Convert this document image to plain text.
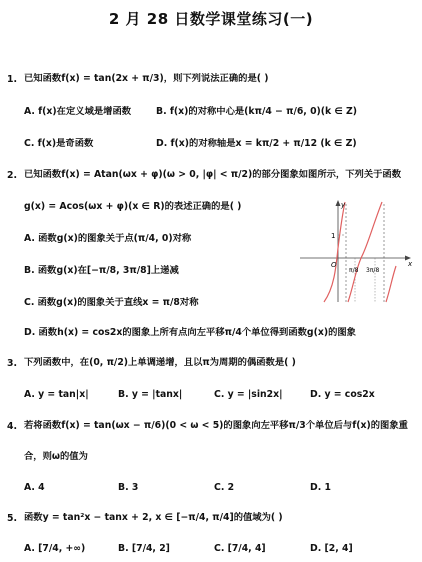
2 月 28 日数学课堂练习(一)
1. 已知函数f(x) = tan(2x + π/3)，则下列说法正确的是( )
A. f(x)在定义域是增函数	B. f(x)的对称中心是(kπ/4 − π/6, 0)(k ∈ Z)
C. f(x)是奇函数	D. f(x)的对称轴是x = kπ/2 + π/12 (k ∈ Z)
2. 已知函数f(x) = Atan(ωx + φ)(ω > 0, |φ| < π/2)的部分图象如图所示，下列关于函数
g(x) = Acos(ωx + φ)(x ∈ R)的表述正确的是( )
A. 函数g(x)的图象关于点(π/4, 0)对称
B. 函数g(x)在[−π/8, 3π/8]上递减
C. 函数g(x)的图象关于直线x = π/8对称
D. 函数h(x) = cos2x的图象上所有点向左平移π/4个单位得到函数g(x)的图象
y
x
O
1
π/8 3π/8
3. 下列函数中，在(0, π/2)上单调递增，且以π为周期的偶函数是( )
A. y = tan|x|	B. y = |tanx|	C. y = |sin2x|	D. y = cos2x
4. 若将函数f(x) = tan(ωx − π/6)(0 < ω < 5)的图象向左平移π/3个单位后与f(x)的图象重
合，则ω的值为
A. 4	B. 3	C. 2	D. 1
5. 函数y = tan²x − tanx + 2, x ∈ [−π/4, π/4]的值域为( )
A. [7/4, +∞)	B. [7/4, 2]	C. [7/4, 4]	D. [2, 4]
